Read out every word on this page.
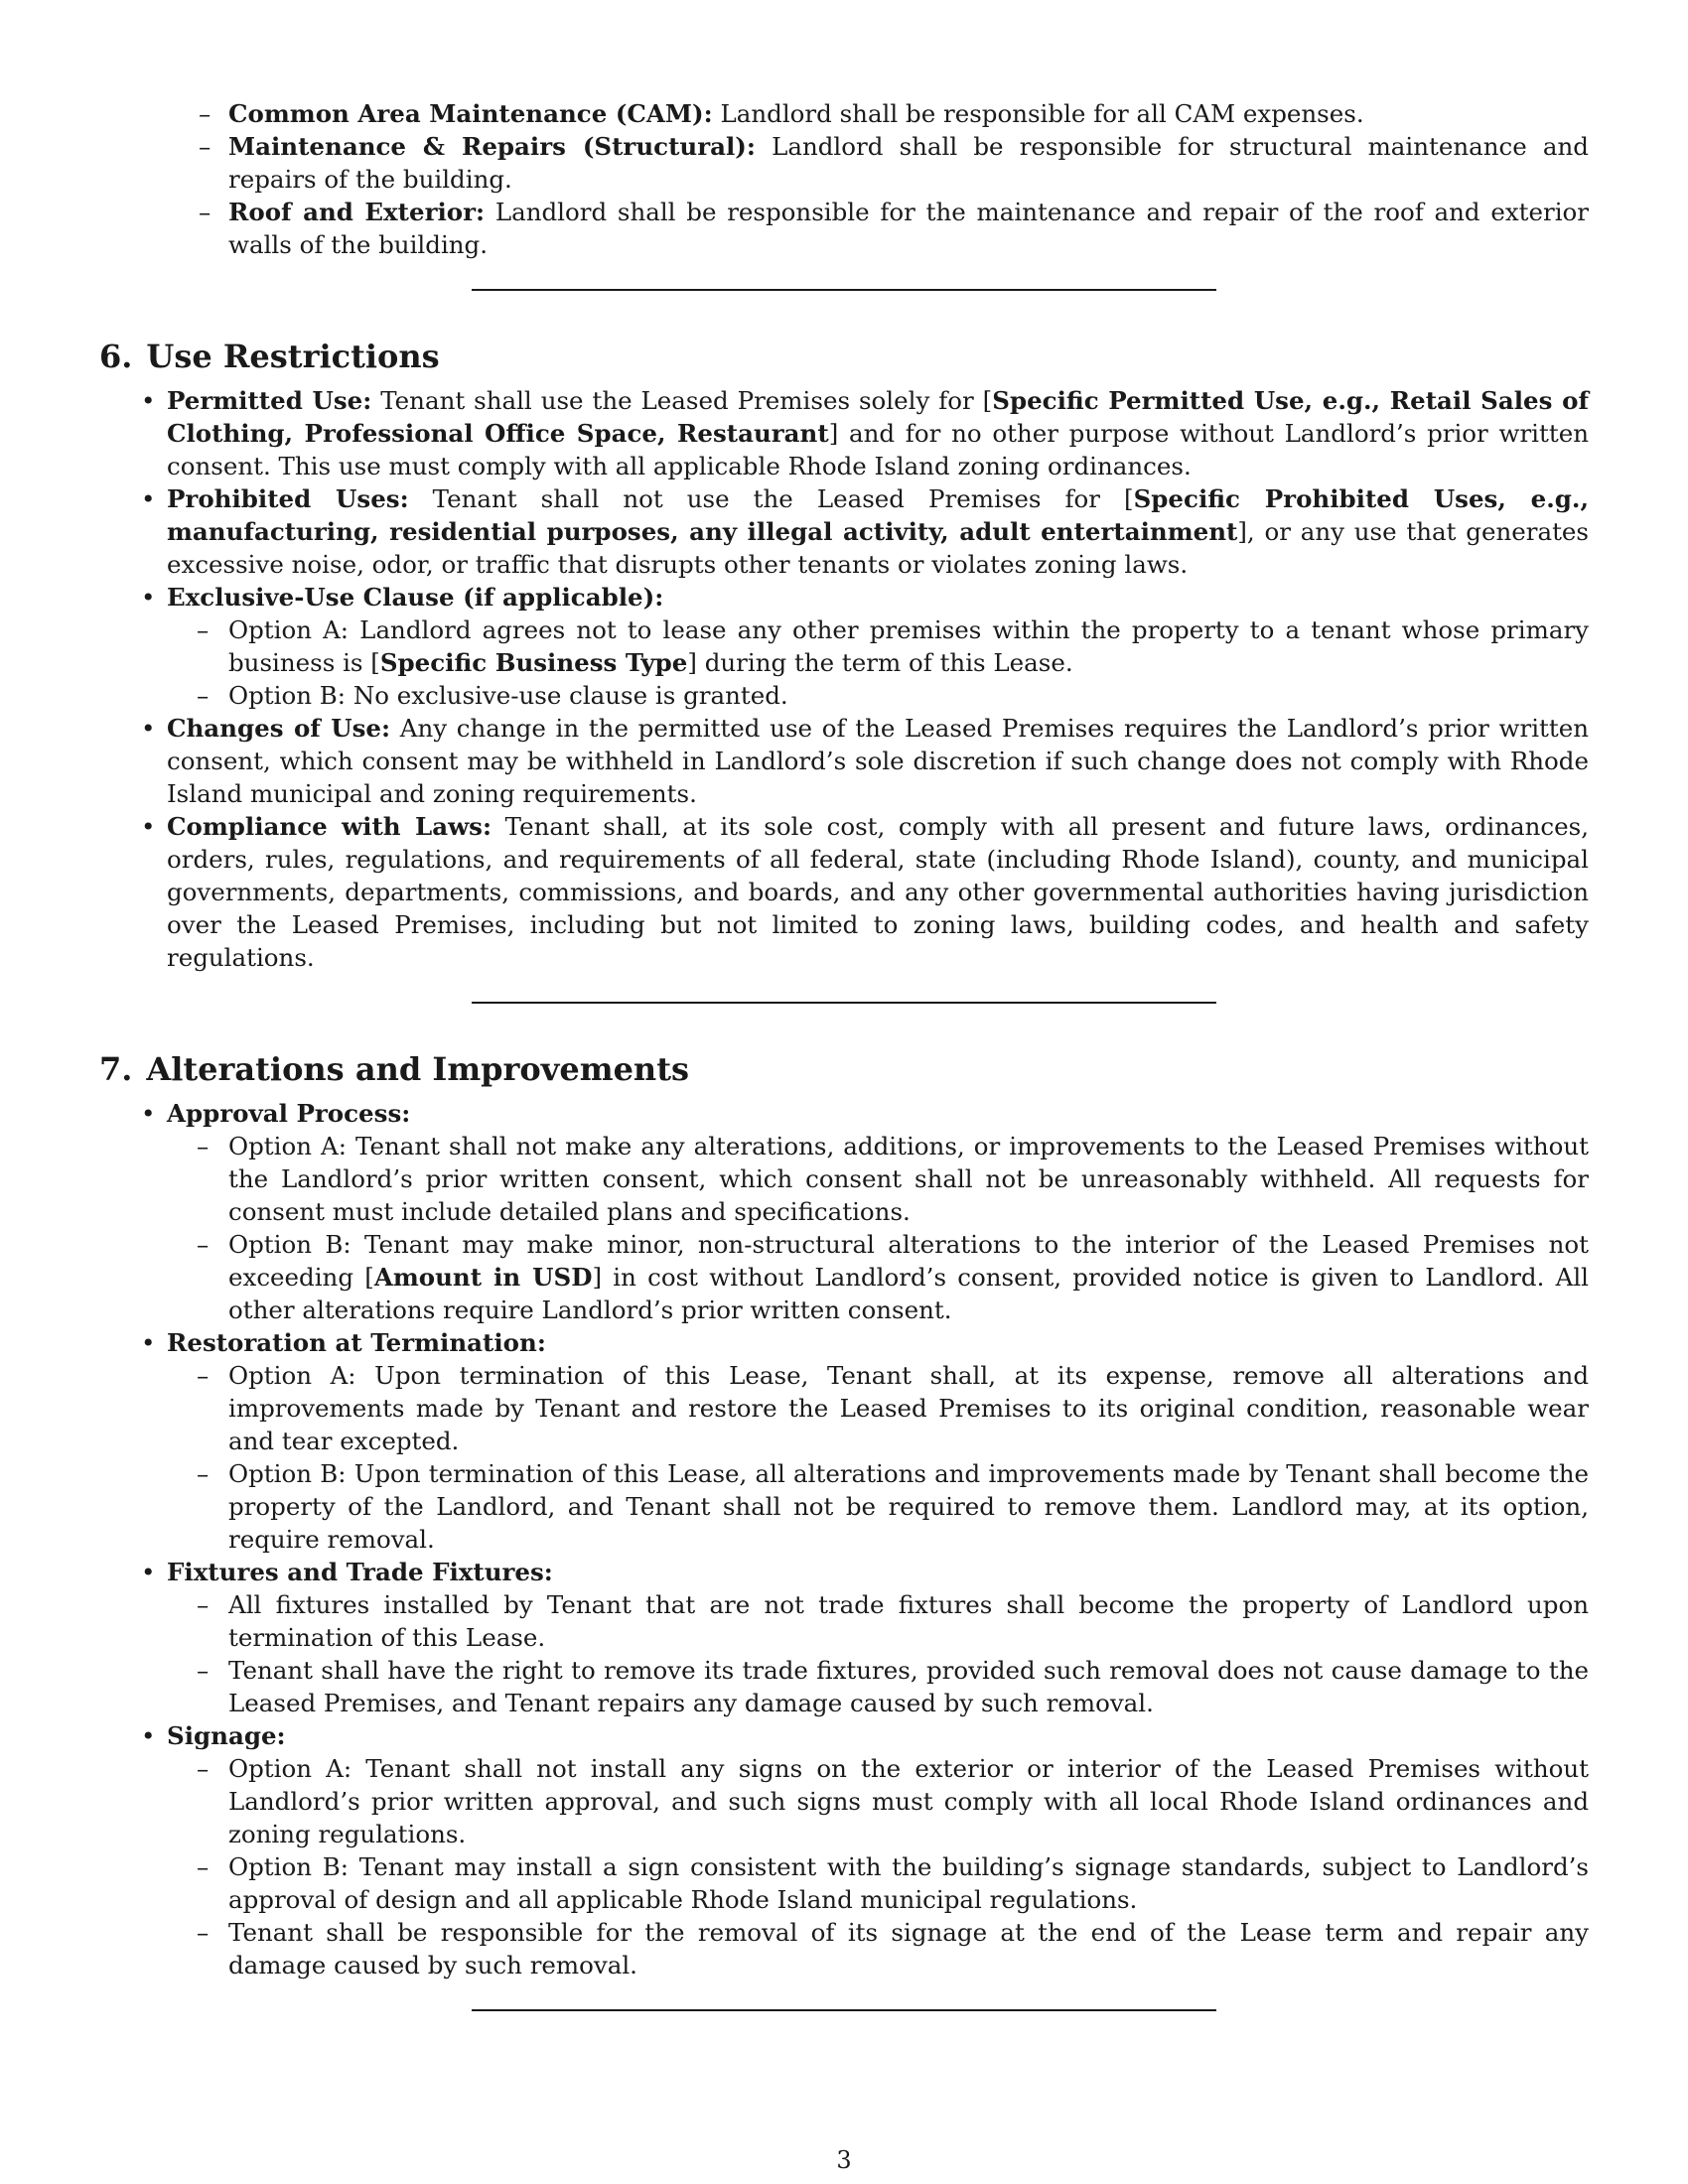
– Common Area Maintenance (CAM): Landlord shall be responsible for all CAM expenses.
– Maintenance & Repairs (Structural): Landlord shall be responsible for structural maintenance and repairs of the building.
– Roof and Exterior: Landlord shall be responsible for the maintenance and repair of the roof and exterior walls of the building.
6. Use Restrictions
• Permitted Use: Tenant shall use the Leased Premises solely for [Specific Permitted Use, e.g., Retail Sales of Clothing, Professional Office Space, Restaurant] and for no other purpose without Landlord’s prior written consent. This use must comply with all applicable Rhode Island zoning ordinances.
• Prohibited Uses: Tenant shall not use the Leased Premises for [Specific Prohibited Uses, e.g., manufacturing, residential purposes, any illegal activity, adult entertainment], or any use that generates excessive noise, odor, or traffic that disrupts other tenants or violates zoning laws.
• Exclusive-Use Clause (if applicable):
– Option A: Landlord agrees not to lease any other premises within the property to a tenant whose primary business is [Specific Business Type] during the term of this Lease.
– Option B: No exclusive-use clause is granted.
• Changes of Use: Any change in the permitted use of the Leased Premises requires the Landlord’s prior written consent, which consent may be withheld in Landlord’s sole discretion if such change does not comply with Rhode Island municipal and zoning requirements.
• Compliance with Laws: Tenant shall, at its sole cost, comply with all present and future laws, ordinances, orders, rules, regulations, and requirements of all federal, state (including Rhode Island), county, and municipal governments, departments, commissions, and boards, and any other governmental authorities having jurisdiction over the Leased Premises, including but not limited to zoning laws, building codes, and health and safety regulations.
7. Alterations and Improvements
• Approval Process:
– Option A: Tenant shall not make any alterations, additions, or improvements to the Leased Premises without the Landlord’s prior written consent, which consent shall not be unreasonably withheld. All requests for consent must include detailed plans and specifications.
– Option B: Tenant may make minor, non-structural alterations to the interior of the Leased Premises not exceeding [Amount in USD] in cost without Landlord’s consent, provided notice is given to Landlord. All other alterations require Landlord’s prior written consent.
• Restoration at Termination:
– Option A: Upon termination of this Lease, Tenant shall, at its expense, remove all alterations and improvements made by Tenant and restore the Leased Premises to its original condition, reasonable wear and tear excepted.
– Option B: Upon termination of this Lease, all alterations and improvements made by Tenant shall become the property of the Landlord, and Tenant shall not be required to remove them. Landlord may, at its option, require removal.
• Fixtures and Trade Fixtures:
– All fixtures installed by Tenant that are not trade fixtures shall become the property of Landlord upon termination of this Lease.
– Tenant shall have the right to remove its trade fixtures, provided such removal does not cause damage to the Leased Premises, and Tenant repairs any damage caused by such removal.
• Signage:
– Option A: Tenant shall not install any signs on the exterior or interior of the Leased Premises without Landlord’s prior written approval, and such signs must comply with all local Rhode Island ordinances and zoning regulations.
– Option B: Tenant may install a sign consistent with the building’s signage standards, subject to Landlord’s approval of design and all applicable Rhode Island municipal regulations.
– Tenant shall be responsible for the removal of its signage at the end of the Lease term and repair any damage caused by such removal.
3
